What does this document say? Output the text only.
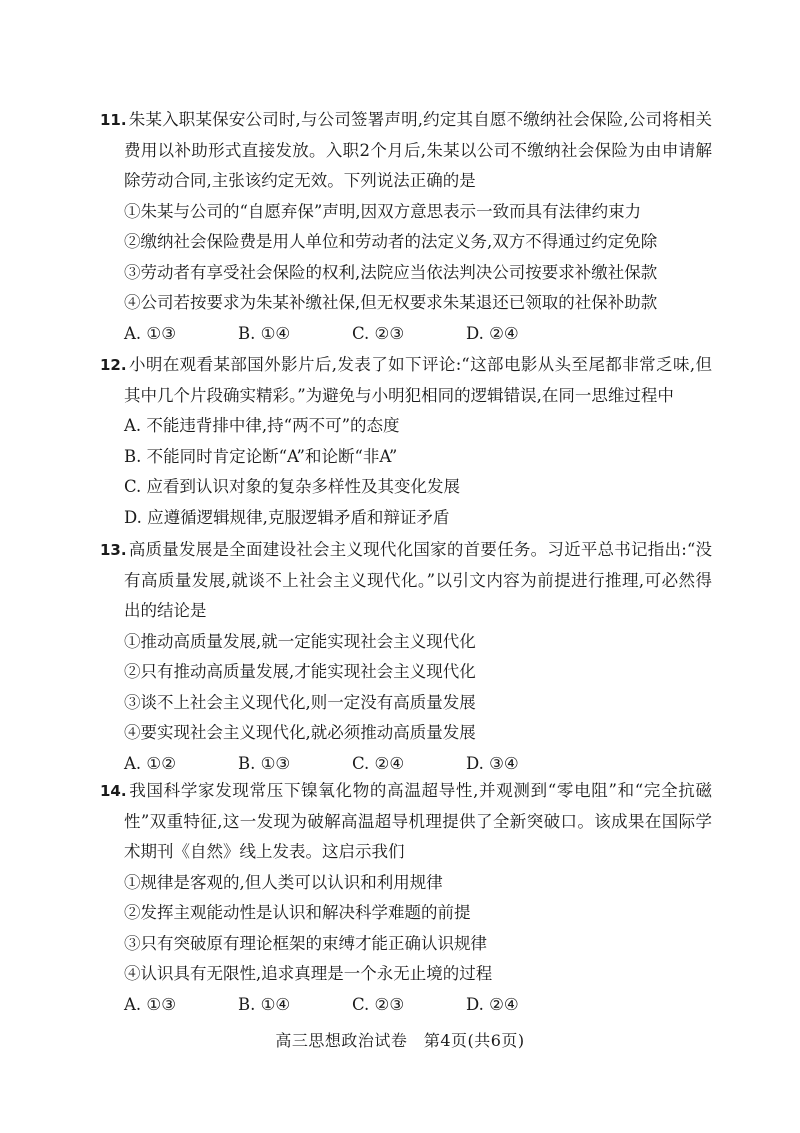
11. 朱某入职某保安公司时,与公司签署声明,约定其自愿不缴纳社会保险,公司将相关费用以补助形式直接发放。入职2个月后,朱某以公司不缴纳社会保险为由申请解除劳动合同,主张该约定无效。下列说法正确的是

①朱某与公司的“自愿弃保”声明,因双方意思表示一致而具有法律约束力

②缴纳社会保险费是用人单位和劳动者的法定义务,双方不得通过约定免除

③劳动者有享受社会保险的权利,法院应当依法判决公司按要求补缴社保款

④公司若按要求为朱某补缴社保,但无权要求朱某退还已领取的社保补助款

A. ①③	B. ①④	C. ②③	D. ②④

12. 小明在观看某部国外影片后,发表了如下评论:“这部电影从头至尾都非常乏味,但其中几个片段确实精彩。”为避免与小明犯相同的逻辑错误,在同一思维过程中

A. 不能违背排中律,持“两不可”的态度

B. 不能同时肯定论断“A”和论断“非A”

C. 应看到认识对象的复杂多样性及其变化发展

D. 应遵循逻辑规律,克服逻辑矛盾和辩证矛盾

13. 高质量发展是全面建设社会主义现代化国家的首要任务。习近平总书记指出:“没有高质量发展,就谈不上社会主义现代化。”以引文内容为前提进行推理,可必然得出的结论是

①推动高质量发展,就一定能实现社会主义现代化

②只有推动高质量发展,才能实现社会主义现代化

③谈不上社会主义现代化,则一定没有高质量发展

④要实现社会主义现代化,就必须推动高质量发展

A. ①②	B. ①③	C. ②④	D. ③④

14. 我国科学家发现常压下镍氧化物的高温超导性,并观测到“零电阻”和“完全抗磁性”双重特征,这一发现为破解高温超导机理提供了全新突破口。该成果在国际学术期刊《自然》线上发表。这启示我们

①规律是客观的,但人类可以认识和利用规律

②发挥主观能动性是认识和解决科学难题的前提

③只有突破原有理论框架的束缚才能正确认识规律

④认识具有无限性,追求真理是一个永无止境的过程

A. ①③	B. ①④	C. ②③	D. ②④
高三思想政治试卷　第4页(共6页)
